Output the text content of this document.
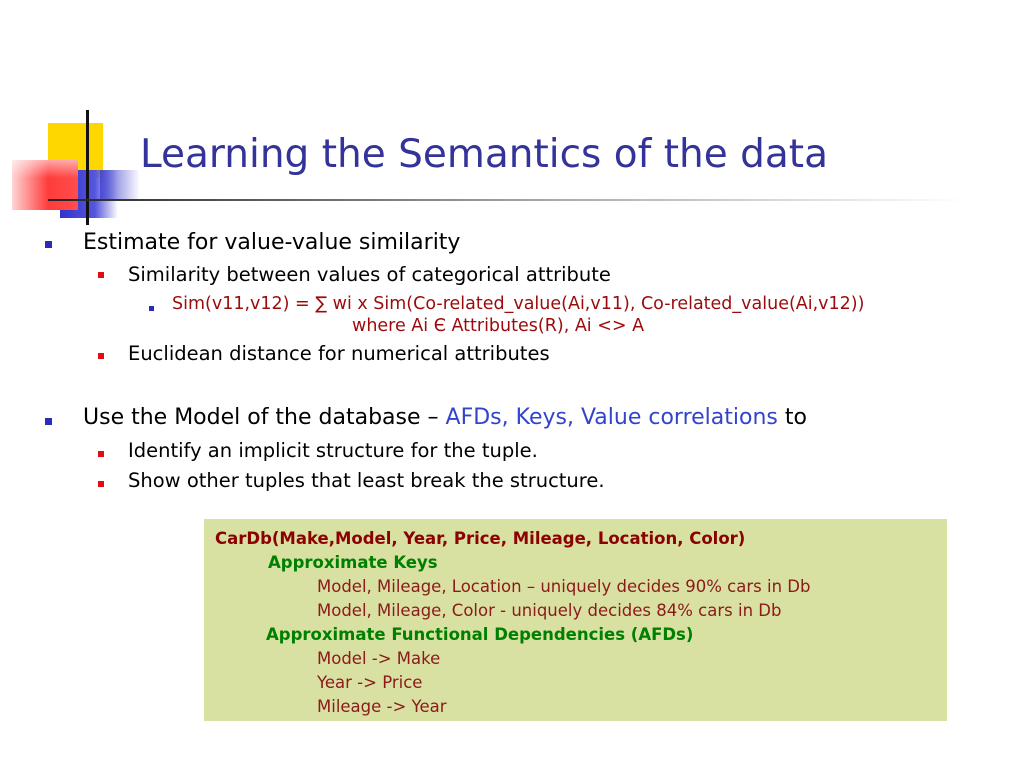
Learning the Semantics of the data
Estimate for value-value similarity
Similarity between values of categorical attribute
Sim(v11,v12) = ∑ wi x Sim(Co-related_value(Ai,v11), Co-related_value(Ai,v12))
where Ai Є Attributes(R), Ai <> A
Euclidean distance for numerical attributes
Use the Model of the database – AFDs, Keys, Value correlations to
Identify an implicit structure for the tuple.
Show other tuples that least break the structure.
CarDb(Make,Model, Year, Price, Mileage, Location, Color)
Approximate Keys
Model, Mileage, Location – uniquely decides 90% cars in Db
Model, Mileage, Color - uniquely decides 84% cars in Db
Approximate Functional Dependencies (AFDs)
Model -> Make
Year -> Price
Mileage -> Year
